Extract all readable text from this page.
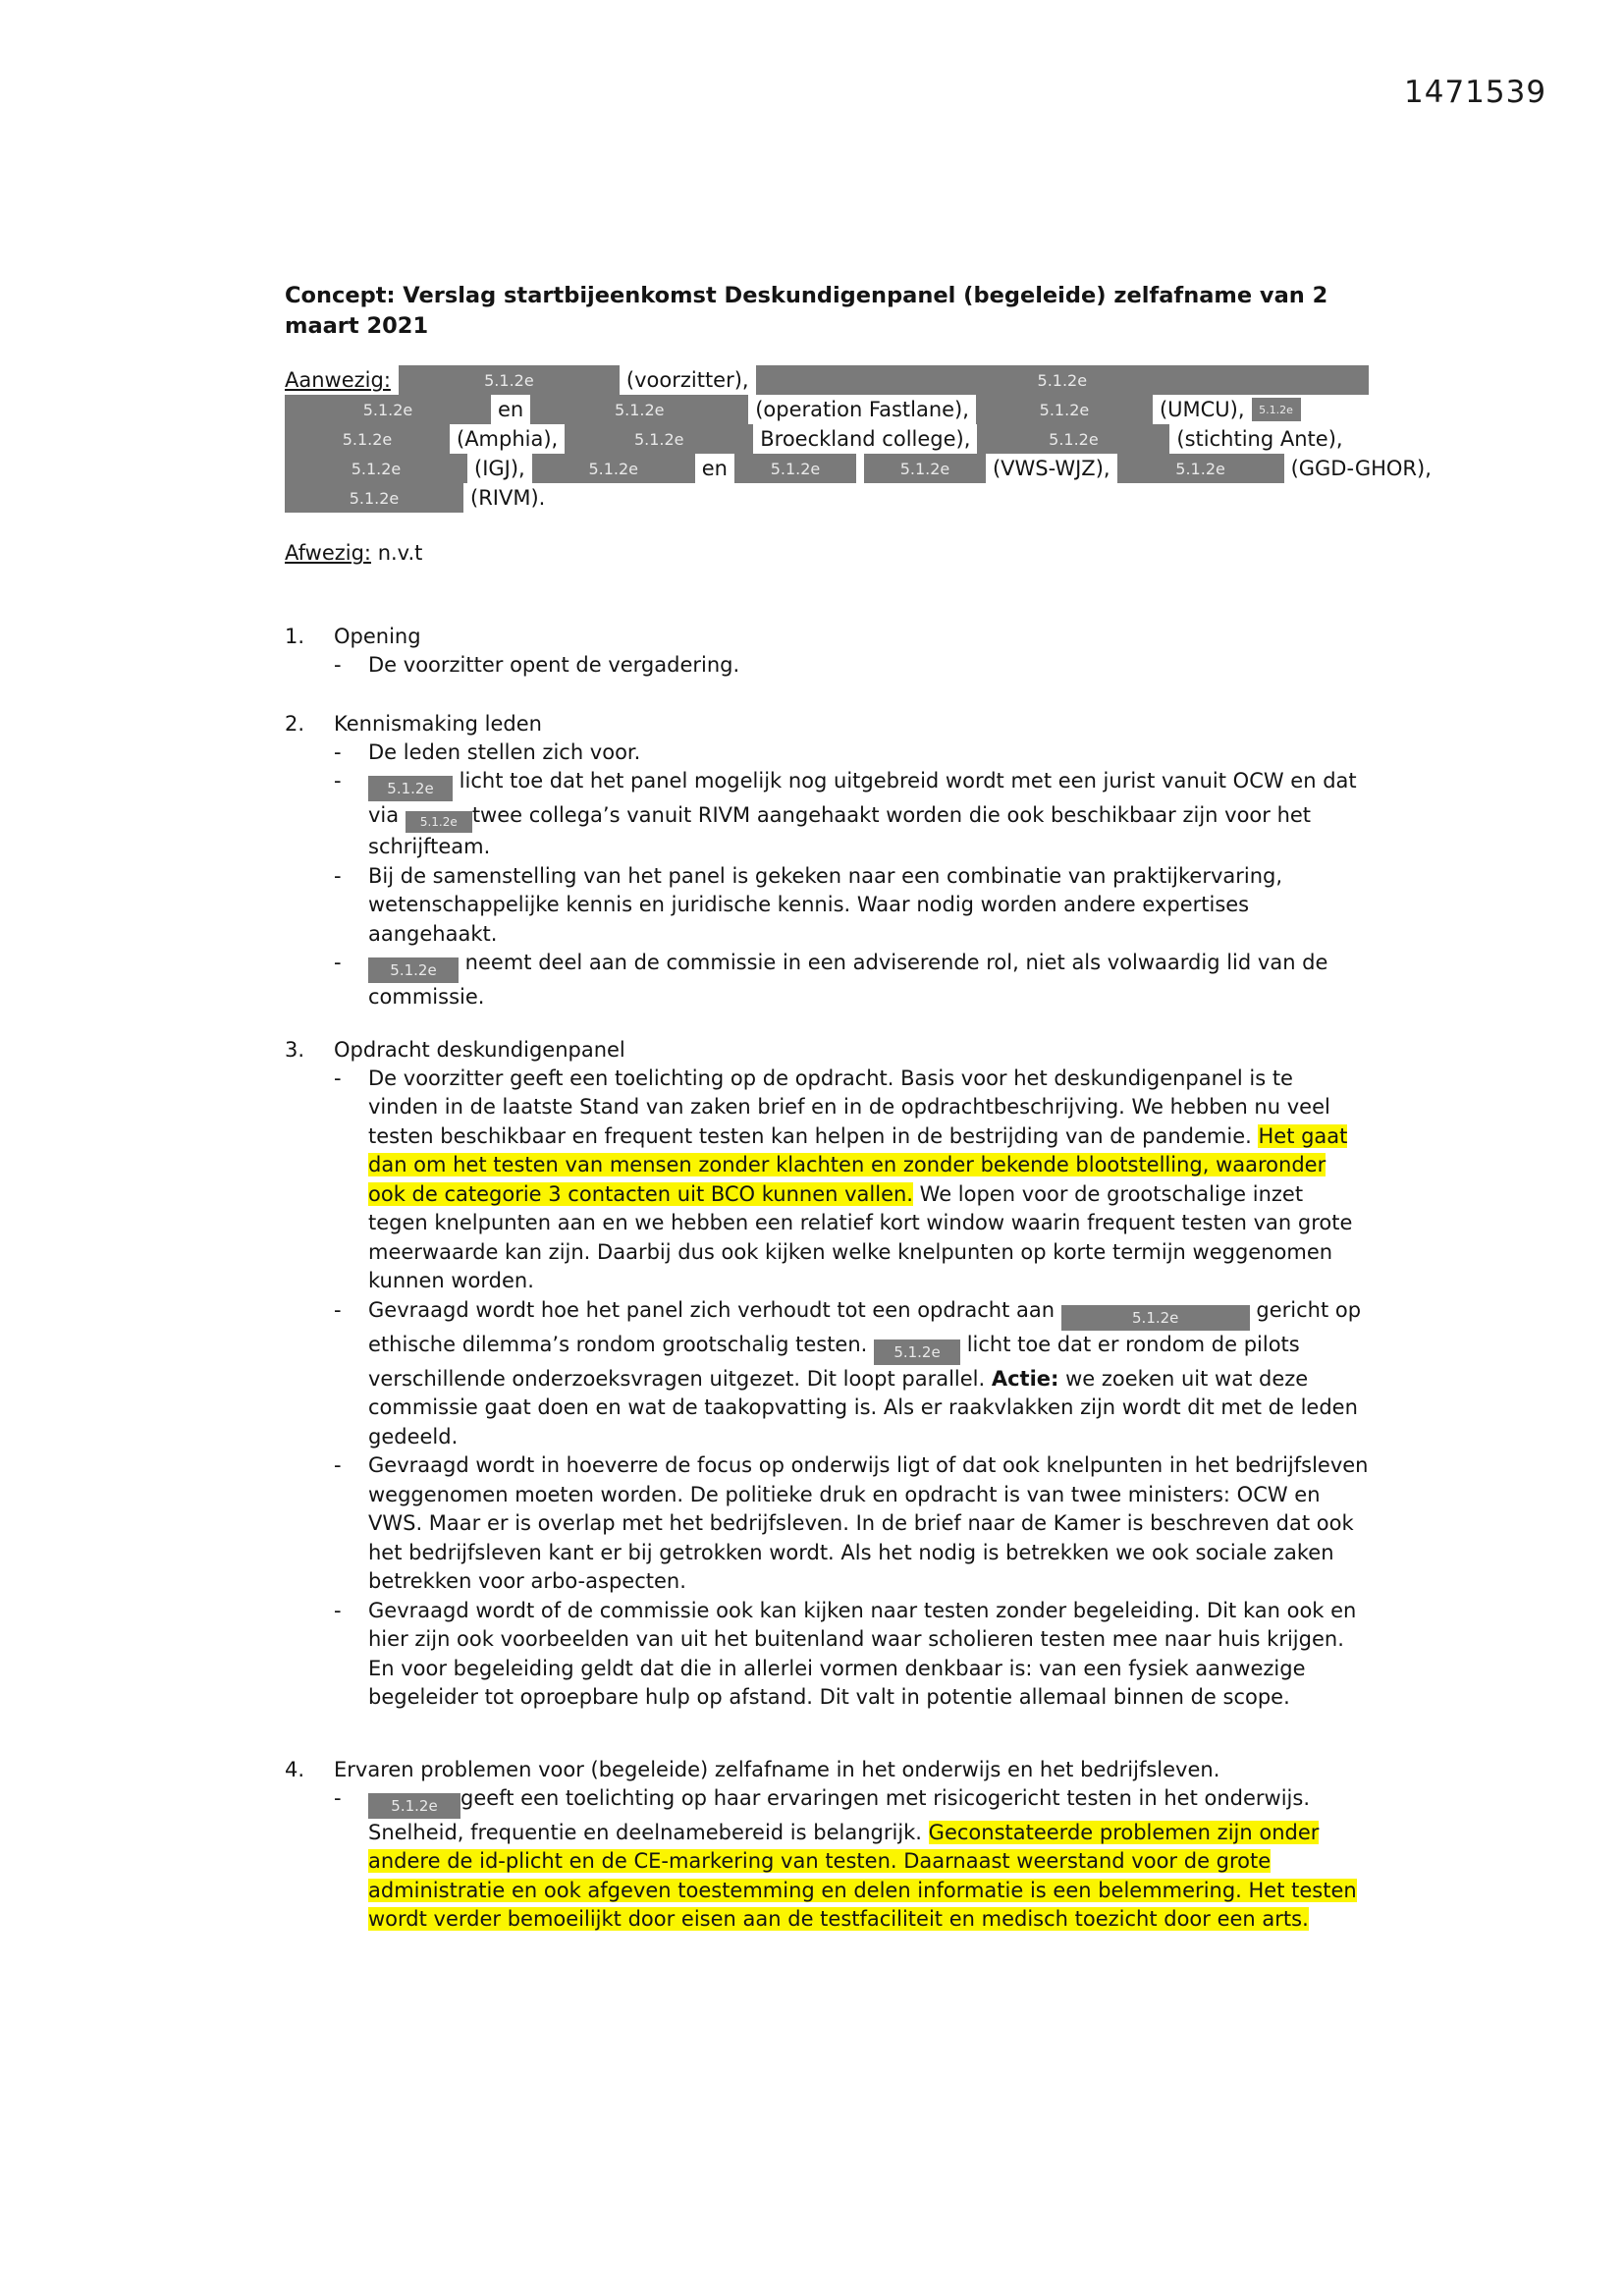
1471539
Concept: Verslag startbijeenkomst Deskundigenpanel (begeleide) zelfafname van 2 maart 2021
Aanwezig:	5.1.2e	(voorzitter),	5.1.2e
5.1.2e	en	5.1.2e	(operation Fastlane),	5.1.2e	(UMCU),	5.1.2e
5.1.2e	(Amphia),	5.1.2e	Broeckland college),	5.1.2e	(stichting Ante),
5.1.2e	(IGJ),	5.1.2e	en	5.1.2e	5.1.2e	(VWS-WJZ),	5.1.2e	(GGD-GHOR),
5.1.2e	(RIVM).

Afwezig: n.v.t

1.	Opening
-	De voorzitter opent de vergadering.

2.	Kennismaking leden
-	De leden stellen zich voor.

-	5.1.2e licht toe dat het panel mogelijk nog uitgebreid wordt met een jurist vanuit OCW en dat via 5.1.2e twee collega’s vanuit RIVM aangehaakt worden die ook beschikbaar zijn voor het schrijfteam.

-	Bij de samenstelling van het panel is gekeken naar een combinatie van praktijkervaring, wetenschappelijke kennis en juridische kennis. Waar nodig worden andere expertises aangehaakt.

-	5.1.2e neemt deel aan de commissie in een adviserende rol, niet als volwaardig lid van de commissie.

3.	Opdracht deskundigenpanel
-	De voorzitter geeft een toelichting op de opdracht. Basis voor het deskundigenpanel is te vinden in de laatste Stand van zaken brief en in de opdrachtbeschrijving. We hebben nu veel testen beschikbaar en frequent testen kan helpen in de bestrijding van de pandemie. Het gaat dan om het testen van mensen zonder klachten en zonder bekende blootstelling, waaronder ook de categorie 3 contacten uit BCO kunnen vallen. We lopen voor de grootschalige inzet tegen knelpunten aan en we hebben een relatief kort window waarin frequent testen van grote meerwaarde kan zijn. Daarbij dus ook kijken welke knelpunten op korte termijn weggenomen kunnen worden.

-	Gevraagd wordt hoe het panel zich verhoudt tot een opdracht aan	5.1.2e	gericht op ethische dilemma’s rondom grootschalig testen. 5.1.2e licht toe dat er rondom de pilots verschillende onderzoeksvragen uitgezet. Dit loopt parallel. Actie: we zoeken uit wat deze commissie gaat doen en wat de taakopvatting is. Als er raakvlakken zijn wordt dit met de leden gedeeld.

-	Gevraagd wordt in hoeverre de focus op onderwijs ligt of dat ook knelpunten in het bedrijfsleven weggenomen moeten worden. De politieke druk en opdracht is van twee ministers: OCW en VWS. Maar er is overlap met het bedrijfsleven. In de brief naar de Kamer is beschreven dat ook het bedrijfsleven kant er bij getrokken wordt. Als het nodig is betrekken we ook sociale zaken betrekken voor arbo-aspecten.

-	Gevraagd wordt of de commissie ook kan kijken naar testen zonder begeleiding. Dit kan ook en hier zijn ook voorbeelden van uit het buitenland waar scholieren testen mee naar huis krijgen. En voor begeleiding geldt dat die in allerlei vormen denkbaar is: van een fysiek aanwezige begeleider tot oproepbare hulp op afstand. Dit valt in potentie allemaal binnen de scope.

4.	Ervaren problemen voor (begeleide) zelfafname in het onderwijs en het bedrijfsleven.
-	5.1.2e geeft een toelichting op haar ervaringen met risicogericht testen in het onderwijs. Snelheid, frequentie en deelnamebereid is belangrijk. Geconstateerde problemen zijn onder andere de id-plicht en de CE-markering van testen. Daarnaast weerstand voor de grote administratie en ook afgeven toestemming en delen informatie is een belemmering. Het testen wordt verder bemoeilijkt door eisen aan de testfaciliteit en medisch toezicht door een arts.
